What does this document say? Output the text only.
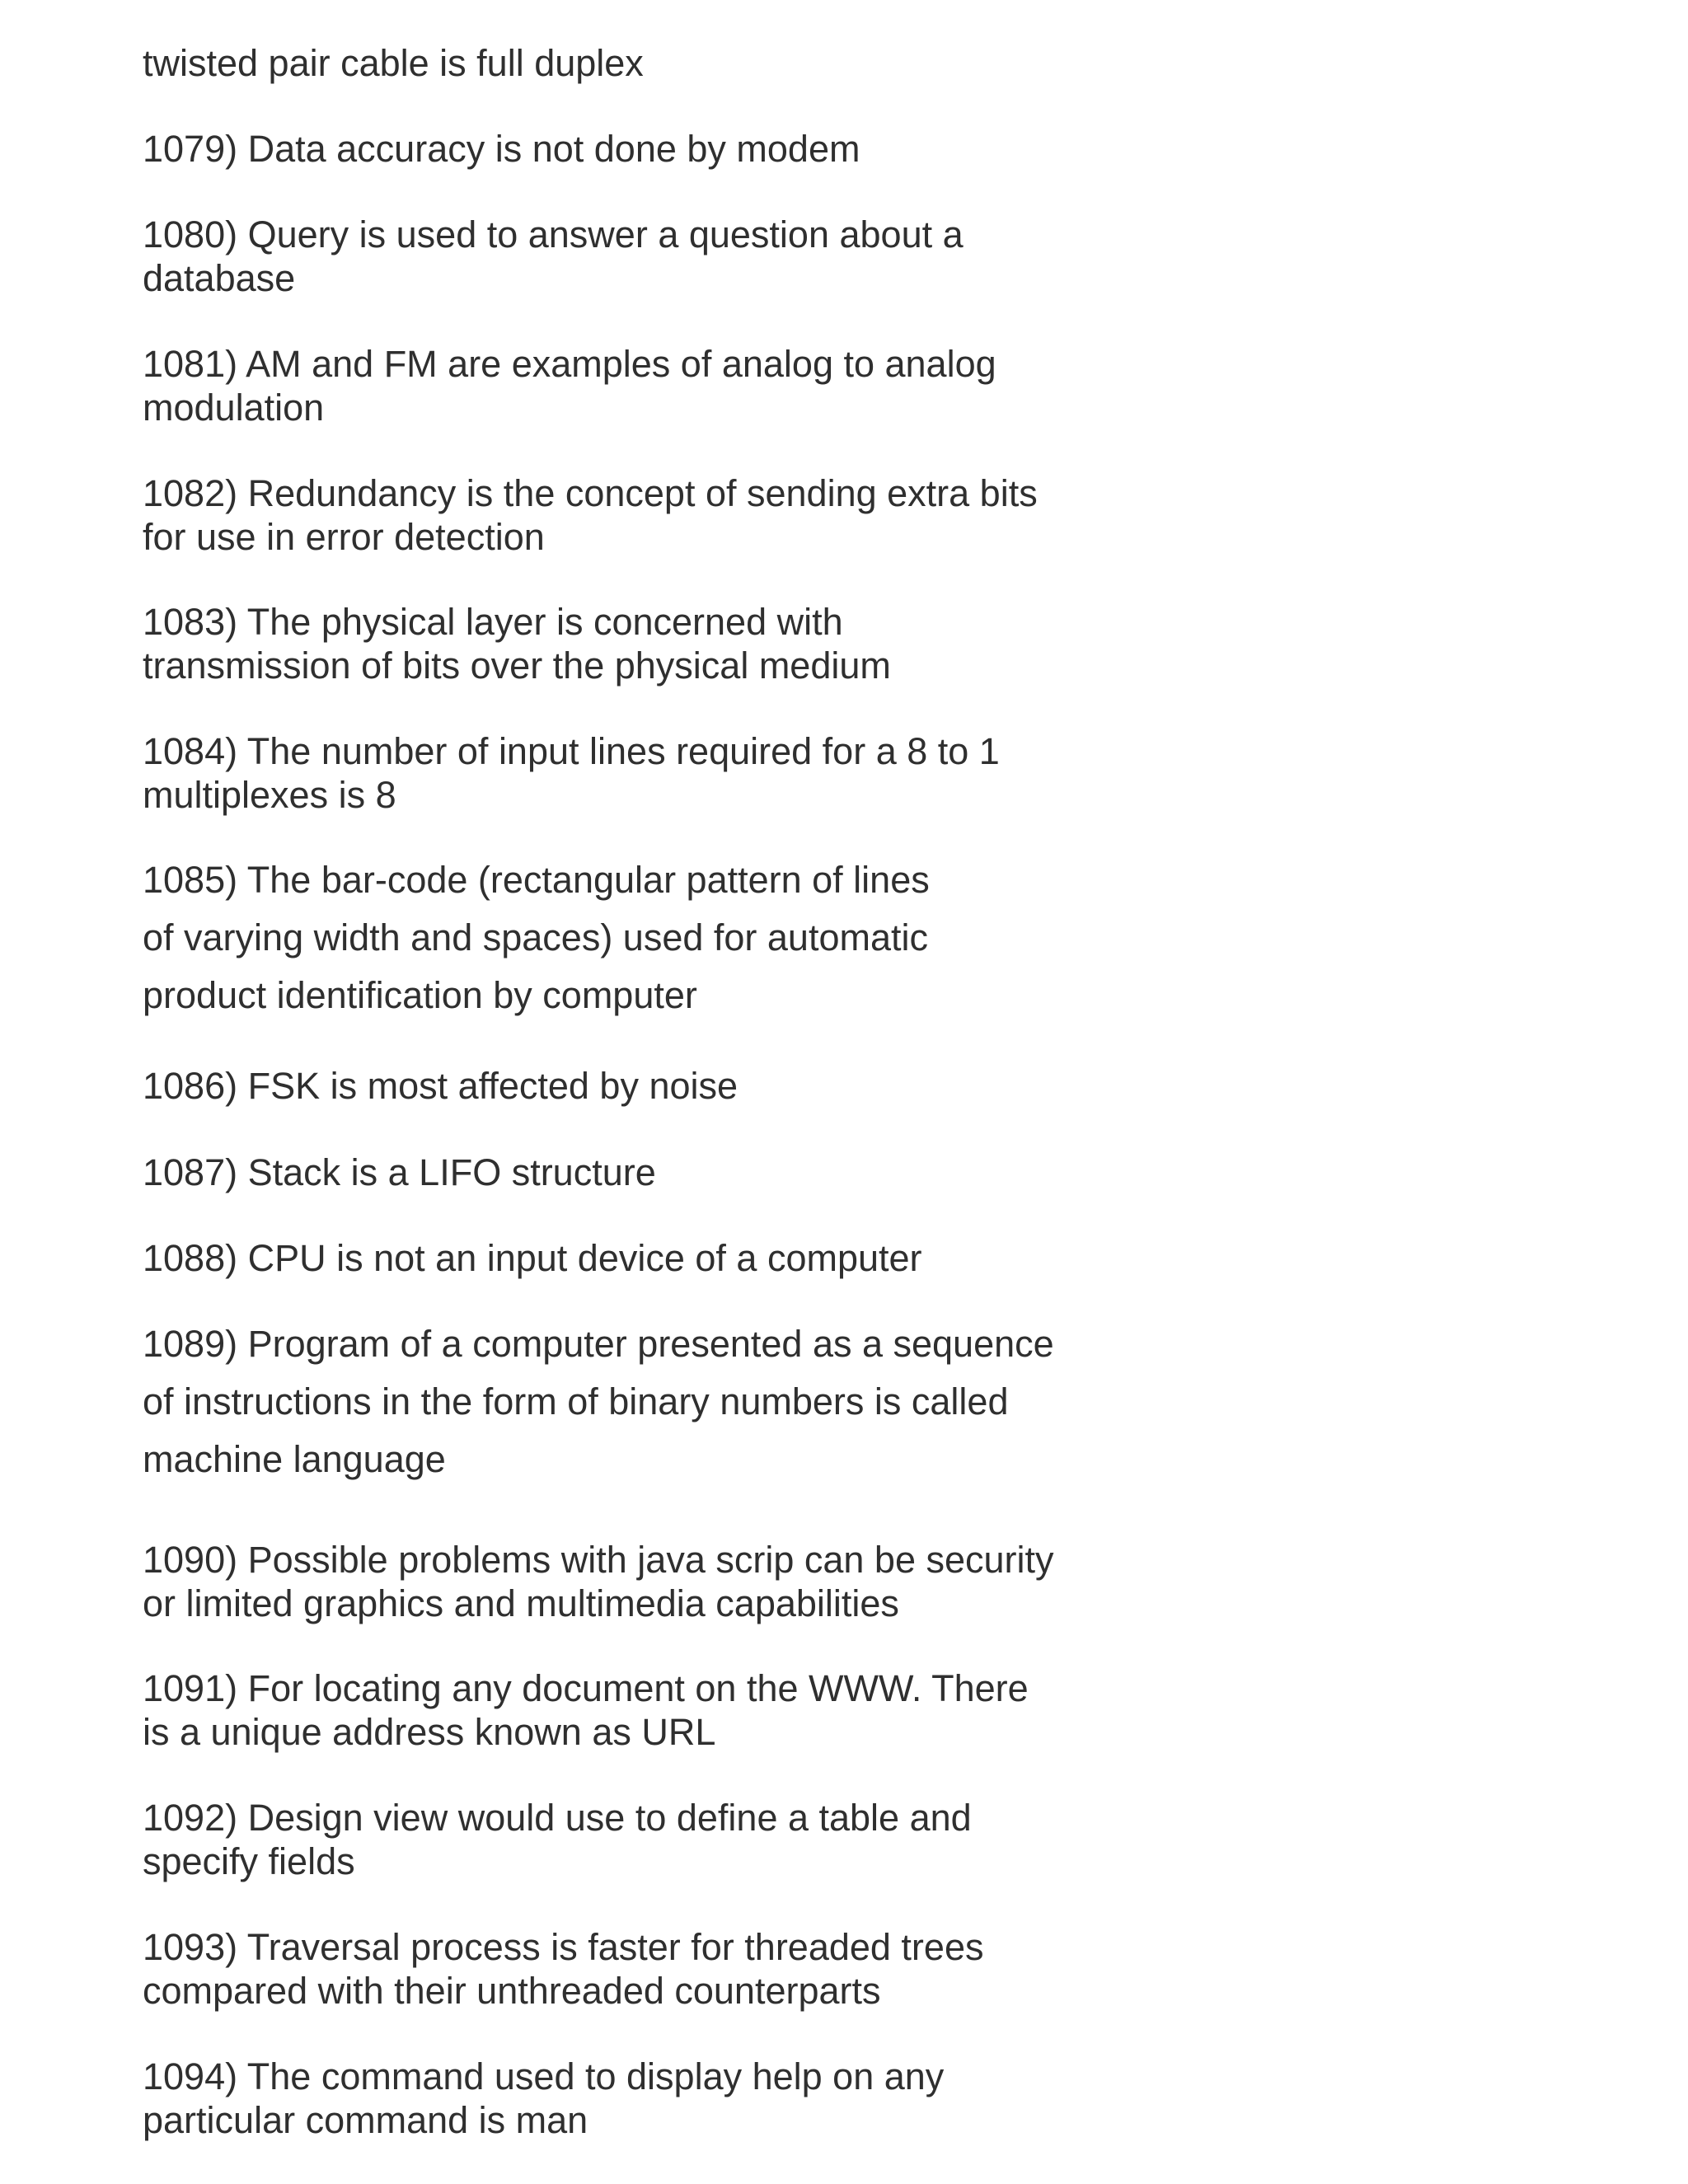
twisted pair cable is full duplex

1079) Data accuracy is not done by modem

1080) Query is used to answer a question about a
database

1081) AM and FM are examples of analog to analog
modulation

1082) Redundancy is the concept of sending extra bits
for use in error detection

1083) The physical layer is concerned with
transmission of bits over the physical medium

1084) The number of input lines required for a 8 to 1
multiplexes is 8

1085) The bar-code (rectangular pattern of lines
of varying width and spaces) used for automatic
product identification by computer

1086) FSK is most affected by noise

1087) Stack is a LIFO structure

1088) CPU is not an input device of a computer

1089) Program of a computer presented as a sequence
of instructions in the form of binary numbers is called
machine language

1090) Possible problems with java scrip can be security
or limited graphics and multimedia capabilities

1091) For locating any document on the WWW. There
is a unique address known as URL

1092) Design view would use to define a table and
specify fields

1093) Traversal process is faster for threaded trees
compared with their unthreaded counterparts

1094) The command used to display help on any
particular command is man
